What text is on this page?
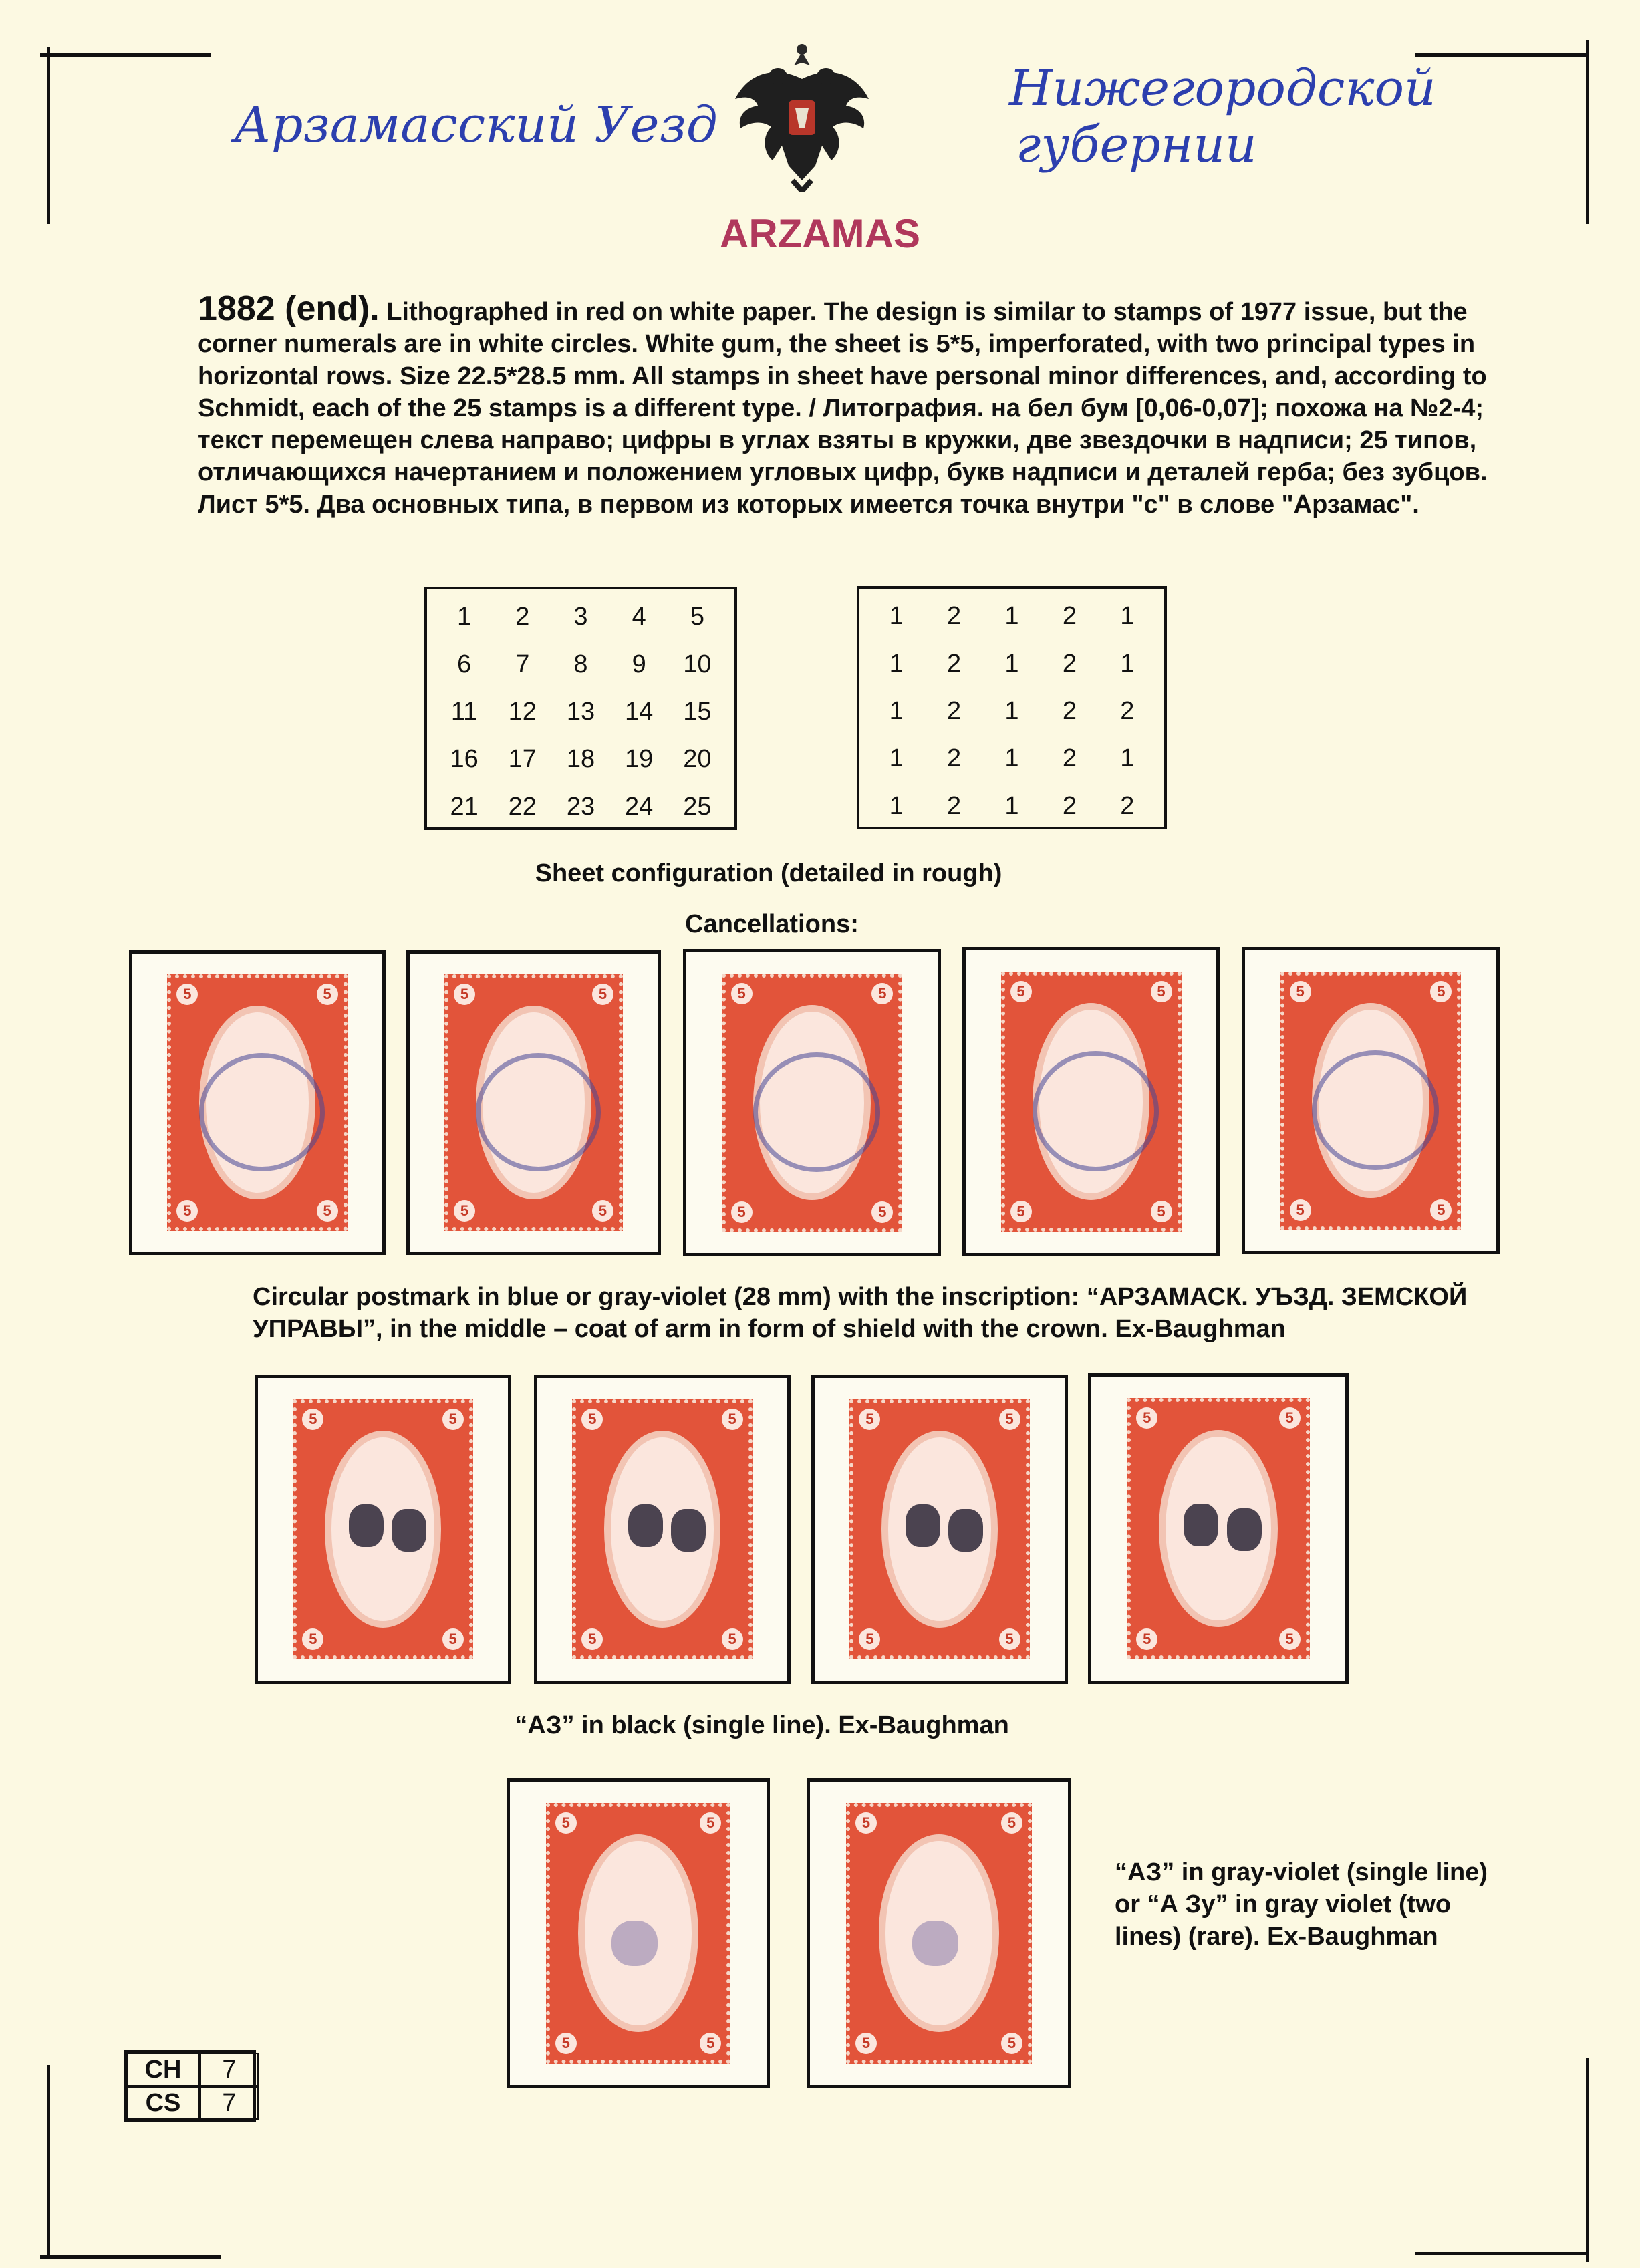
Арзамасский Уезд
Нижегородской
губернии
ARZAMAS
1882 (end). Lithographed in red on white paper. The design is similar to stamps of 1977 issue, but the corner numerals are in white circles. White gum, the sheet is 5*5, imperforated, with two principal types in horizontal rows. Size 22.5*28.5 mm. All stamps in sheet have personal minor differences, and, according to Schmidt, each of the 25 stamps is a different type. / Литография. на бел бум [0,06-0,07]; похожа на №2-4; текст перемещен слева направо; цифры в углах взяты в кружки, две звездочки в надписи; 25 типов, отличающихся начертанием и положением угловых цифр, букв надписи и деталей герба; без зубцов. Лист 5*5. Два основных типа, в первом из которых имеется точка внутри "с" в слове "Арзамас".
1 2 3 4 5
6 7 8 9 10
11 12 13 14 15
16 17 18 19 20
21 22 23 24 25
1 2 1 2 1
1 2 1 2 1
1 2 1 2 2
1 2 1 2 1
1 2 1 2 2
Sheet configuration (detailed in rough)
Cancellations:
5	5
5	5
5	5
5	5
5	5
5	5
5	5
5	5
5	5
5	5
Circular postmark in blue or gray-violet (28 mm) with the inscription: “АРЗАМАСК. УЪЗД. ЗЕМСКОЙ УПРАВЫ”, in the middle – coat of arm in form of shield with the crown. Ex-Baughman
5	5
5	5
5	5
5	5
5	5
5	5
5	5
5	5
“АЗ” in black (single line). Ex-Baughman
5	5
5	5
5	5
5	5
“АЗ” in gray-violet (single line) or “А Зу” in gray violet (two lines) (rare). Ex-Baughman
CH	7
CS	7
